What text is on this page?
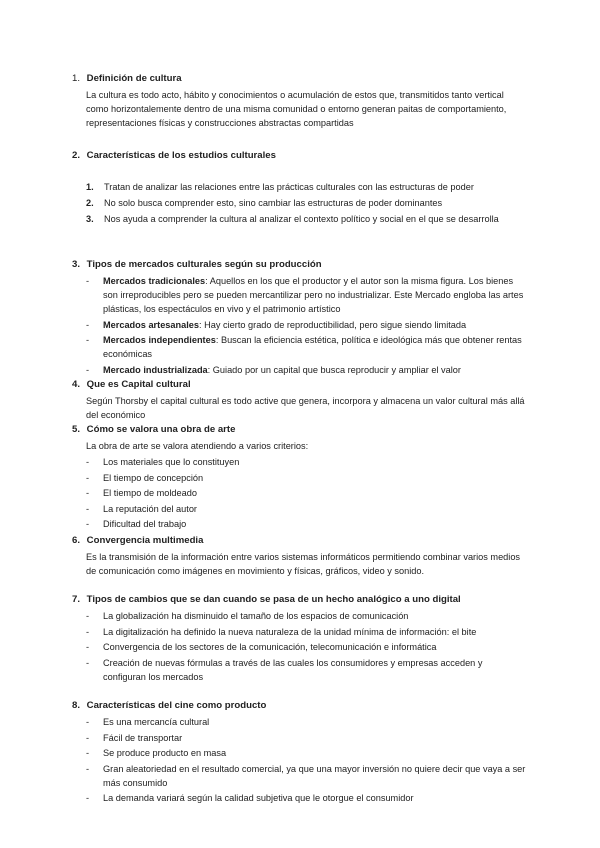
1. Definición de cultura
La cultura es todo acto, hábito y conocimientos o acumulación de estos que, transmitidos tanto vertical como horizontalemente dentro de una misma comunidad o entorno generan paitas de comportamiento, representaciones físicas y construcciones abstractas compartidas
2. Características de los estudios culturales
1. Tratan de analizar las relaciones entre las prácticas culturales con las estructuras de poder
2. No solo busca comprender esto, sino cambiar las estructuras de poder dominantes
3. Nos ayuda a comprender la cultura al analizar el contexto político y social en el que se desarrolla
3. Tipos de mercados culturales según su producción
- Mercados tradicionales: Aquellos en los que el productor y el autor son la misma figura. Los bienes son irreproducibles pero se pueden mercantilizar pero no industrializar. Este Mercado engloba las artes plásticas, los espectáculos en vivo y el patrimonio artístico
- Mercados artesanales: Hay cierto grado de reproductibilidad, pero sigue siendo limitada
- Mercados independientes: Buscan la eficiencia estética, política e ideológica más que obtener rentas económicas
- Mercado industrializada: Guiado por un capital que busca reproducir y ampliar el valor
4. Que es Capital cultural
Según Thorsby el capital cultural es todo active que genera, incorpora y almacena un valor cultural más allá del económico
5. Cómo se valora una obra de arte
La obra de arte se valora atendiendo a varios criterios:
- Los materiales que lo constituyen
- El tiempo de concepción
- El tiempo de moldeado
- La reputación del autor
- Dificultad del trabajo
6. Convergencia multimedia
Es la transmisión de la información entre varios sistemas informáticos permitiendo combinar varios medios de comunicación como imágenes en movimiento y físicas, gráficos, video y sonido.
7. Tipos de cambios que se dan cuando se pasa de un hecho analógico a uno digital
- La globalización ha disminuido el tamaño de los espacios de comunicación
- La digitalización ha definido la nueva naturaleza de la unidad mínima de información: el bite
- Convergencia de los sectores de la comunicación, telecomunicación e informática
- Creación de nuevas fórmulas a través de las cuales los consumidores y empresas acceden y configuran los mercados
8. Características del cine como producto
- Es una mercancía cultural
- Fácil de transportar
- Se produce producto en masa
- Gran aleatoriedad en el resultado comercial, ya que una mayor inversión no quiere decir que vaya a ser más consumido
- La demanda variará según la calidad subjetiva que le otorgue el consumidor
